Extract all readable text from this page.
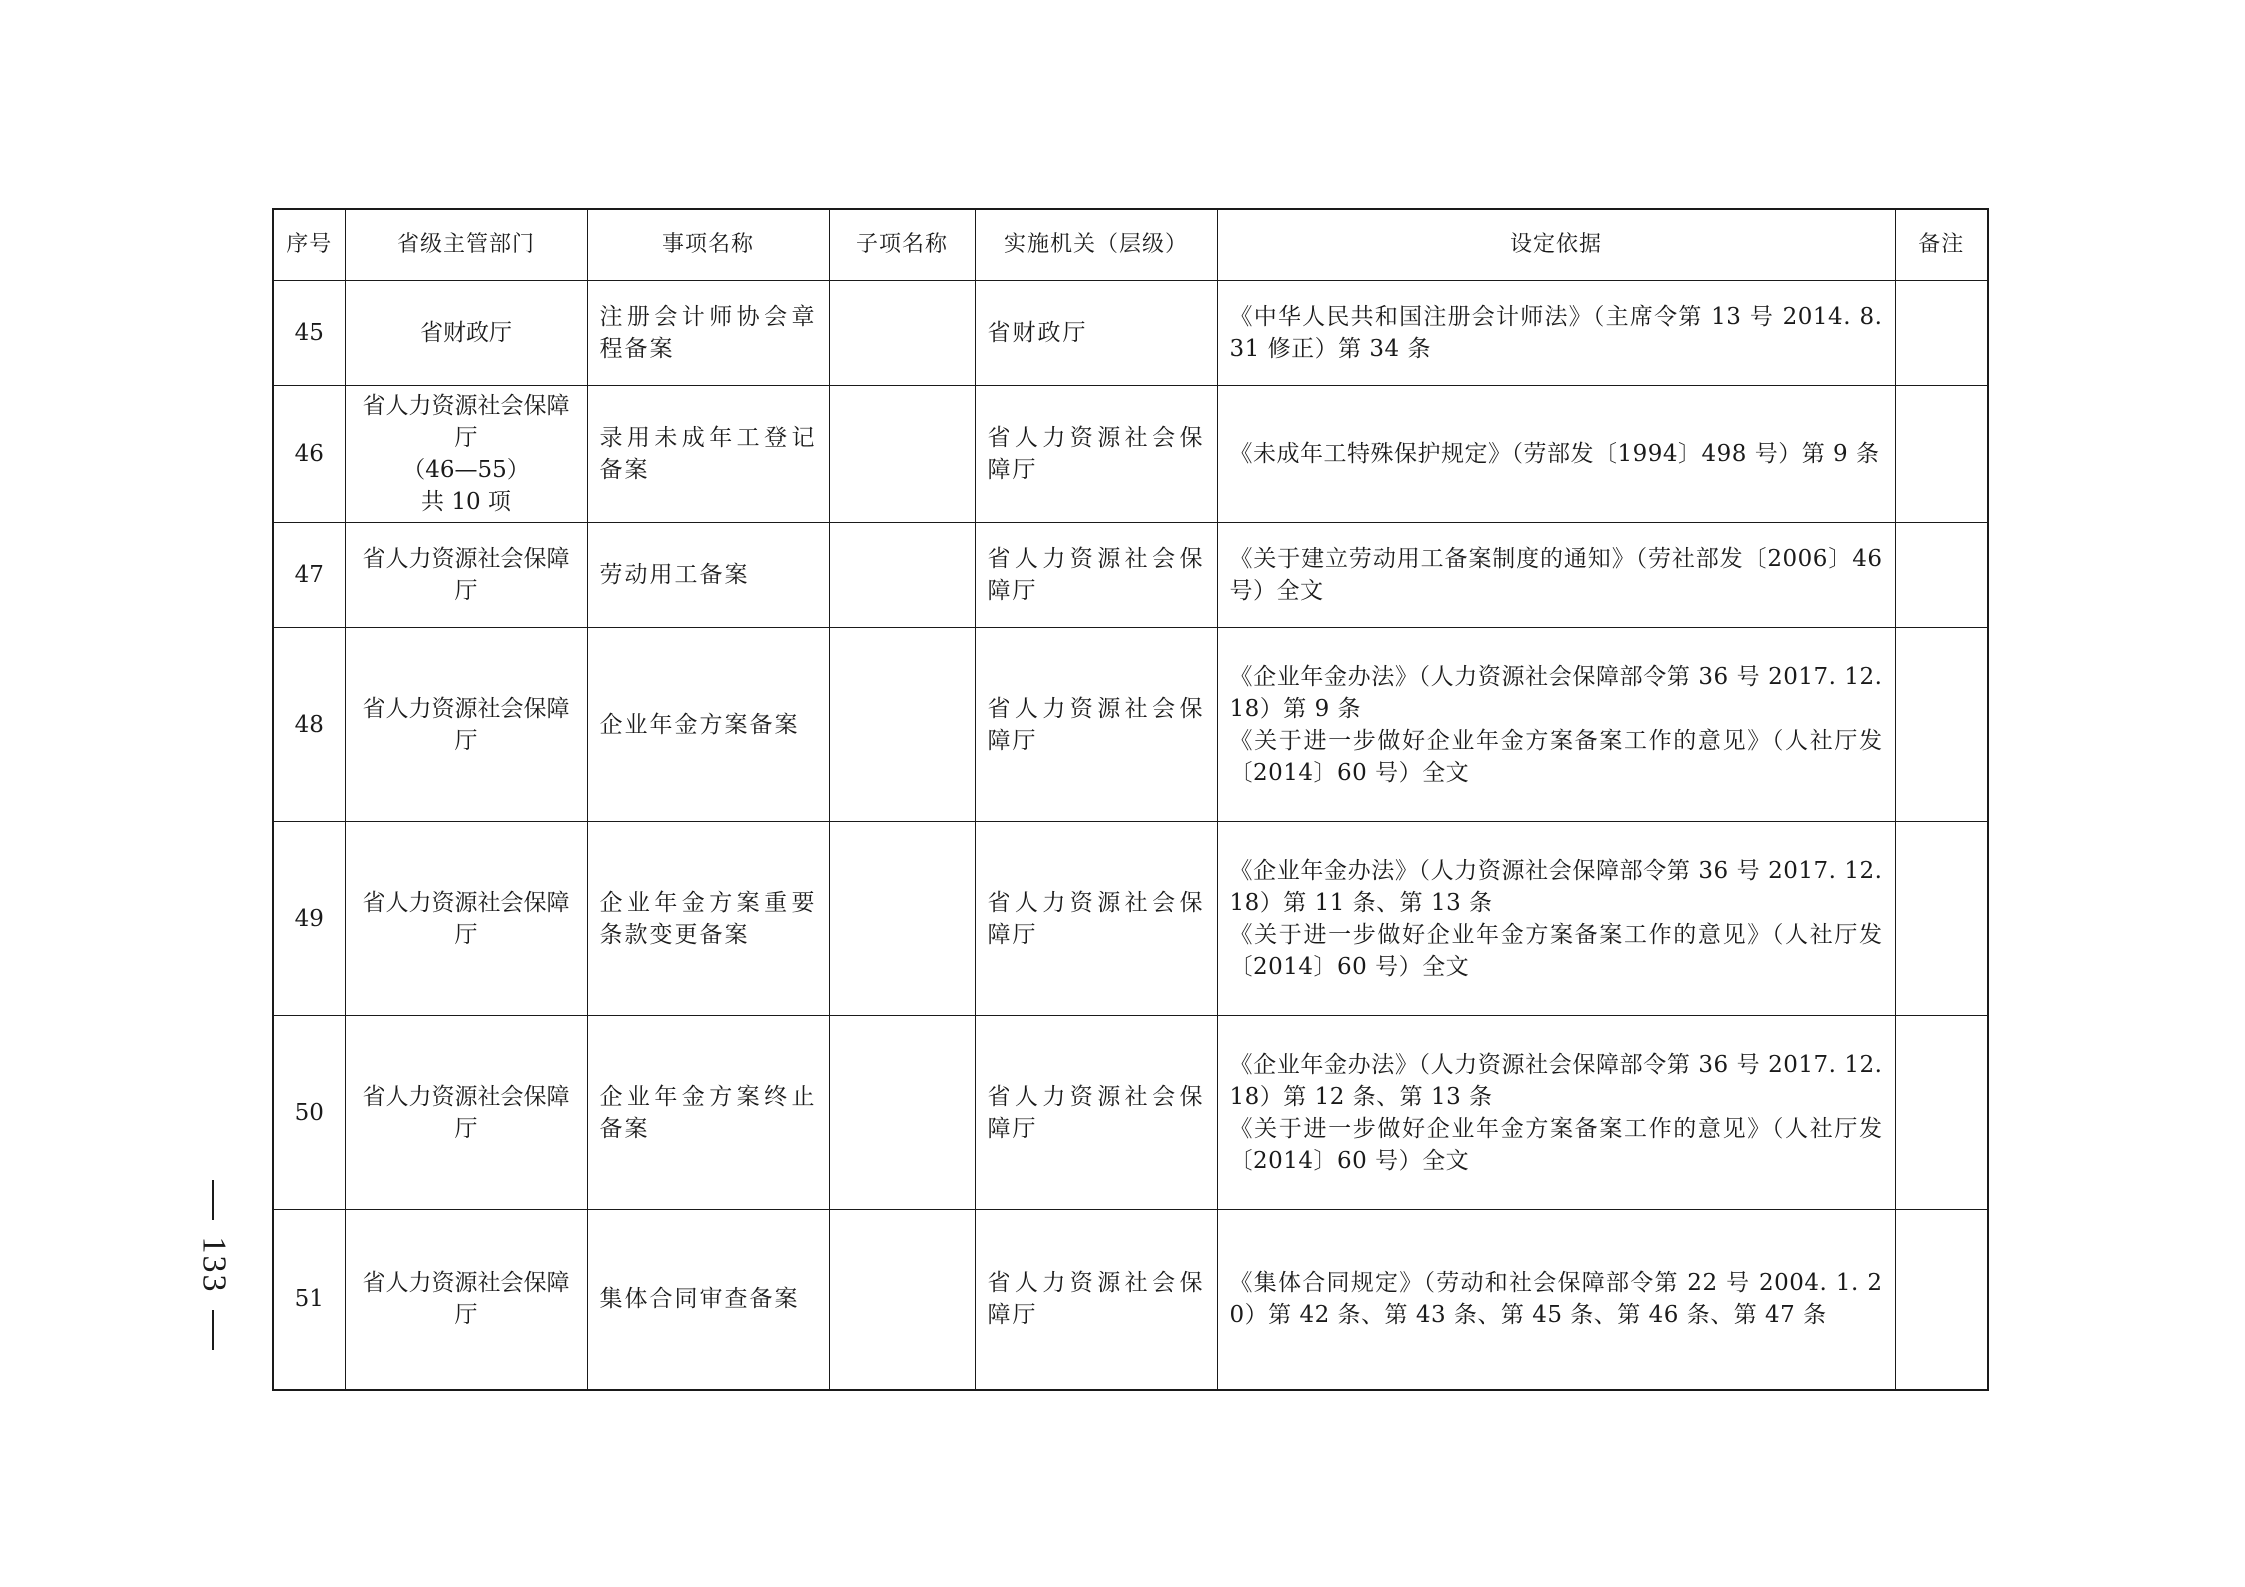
133
序号	省级主管部门	事项名称	子项名称	实施机关（层级）	设定依据	备注
45	省财政厅	注册会计师协会章程备案		省财政厅	《中华人民共和国注册会计师法》（主席令第 13 号 2014. 8. 31 修正）第 34 条	

46	省人力资源社会保障厅
（46—55）
共 10 项	录用未成年工登记备案		省人力资源社会保障厅	《未成年工特殊保护规定》（劳部发〔1994〕498 号）第 9 条	

47	省人力资源社会保障厅	劳动用工备案		省人力资源社会保障厅	《关于建立劳动用工备案制度的通知》（劳社部发〔2006〕46 号）全文	

48	省人力资源社会保障厅	企业年金方案备案		省人力资源社会保障厅	《企业年金办法》（人力资源社会保障部令第 36 号 2017. 12. 18）第 9 条
《关于进一步做好企业年金方案备案工作的意见》（人社厅发〔2014〕60 号）全文	

49	省人力资源社会保障厅	企业年金方案重要条款变更备案		省人力资源社会保障厅	《企业年金办法》（人力资源社会保障部令第 36 号 2017. 12. 18）第 11 条、第 13 条
《关于进一步做好企业年金方案备案工作的意见》（人社厅发〔2014〕60 号）全文	

50	省人力资源社会保障厅	企业年金方案终止备案		省人力资源社会保障厅	《企业年金办法》（人力资源社会保障部令第 36 号 2017. 12. 18）第 12 条、第 13 条
《关于进一步做好企业年金方案备案工作的意见》（人社厅发〔2014〕60 号）全文	

51	省人力资源社会保障厅	集体合同审查备案		省人力资源社会保障厅	《集体合同规定》（劳动和社会保障部令第 22 号 2004. 1. 20）第 42 条、第 43 条、第 45 条、第 46 条、第 47 条	
